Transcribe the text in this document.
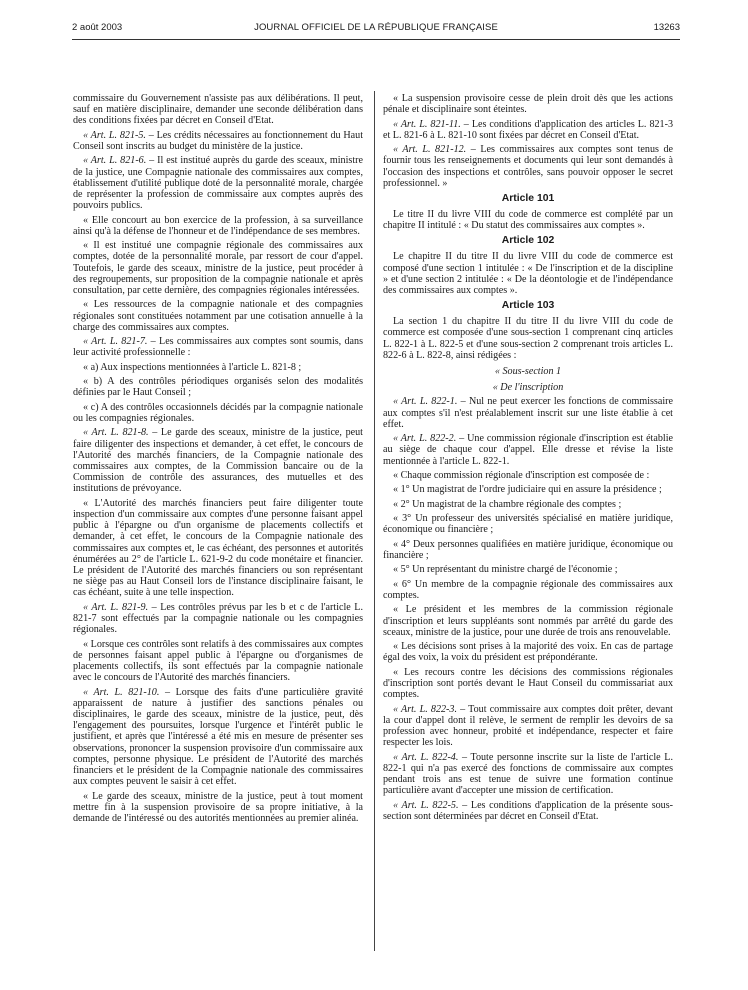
2 août 2003	JOURNAL OFFICIEL DE LA RÉPUBLIQUE FRANÇAISE	13263

commissaire du Gouvernement n'assiste pas aux délibérations. Il peut, sauf en matière disciplinaire, demander une seconde délibération dans des conditions fixées par décret en Conseil d'Etat.

« Art. L. 821-5. – Les crédits nécessaires au fonctionnement du Haut Conseil sont inscrits au budget du ministère de la justice.

« Art. L. 821-6. – Il est institué auprès du garde des sceaux, ministre de la justice, une Compagnie nationale des commissaires aux comptes, établissement d'utilité publique doté de la personnalité morale, chargée de représenter la profession de commissaire aux comptes auprès des pouvoirs publics.

« Elle concourt au bon exercice de la profession, à sa surveillance ainsi qu'à la défense de l'honneur et de l'indépendance de ses membres.

« Il est institué une compagnie régionale des commissaires aux comptes, dotée de la personnalité morale, par ressort de cour d'appel. Toutefois, le garde des sceaux, ministre de la justice, peut procéder à des regroupements, sur proposition de la compagnie nationale et après consultation, par cette dernière, des compagnies régionales intéressées.

« Les ressources de la compagnie nationale et des compagnies régionales sont constituées notamment par une cotisation annuelle à la charge des commissaires aux comptes.

« Art. L. 821-7. – Les commissaires aux comptes sont soumis, dans leur activité professionnelle :

« a) Aux inspections mentionnées à l'article L. 821-8 ;

« b) A des contrôles périodiques organisés selon des modalités définies par le Haut Conseil ;

« c) A des contrôles occasionnels décidés par la compagnie nationale ou les compagnies régionales.

« Art. L. 821-8. – Le garde des sceaux, ministre de la justice, peut faire diligenter des inspections et demander, à cet effet, le concours de l'Autorité des marchés financiers, de la Compagnie nationale des commissaires aux comptes, de la Commission bancaire ou de la Commission de contrôle des assurances, des mutuelles et des institutions de prévoyance.

« L'Autorité des marchés financiers peut faire diligenter toute inspection d'un commissaire aux comptes d'une personne faisant appel public à l'épargne ou d'un organisme de placements collectifs et demander, à cet effet, le concours de la Compagnie nationale des commissaires aux comptes et, le cas échéant, des personnes et autorités énumérées au 2° de l'article L. 621-9-2 du code monétaire et financier. Le président de l'Autorité des marchés financiers ou son représentant ne siège pas au Haut Conseil lors de l'instance disciplinaire faisant, le cas échéant, suite à une telle inspection.

« Art. L. 821-9. – Les contrôles prévus par les b et c de l'article L. 821-7 sont effectués par la compagnie nationale ou les compagnies régionales.

« Lorsque ces contrôles sont relatifs à des commissaires aux comptes de personnes faisant appel public à l'épargne ou d'organismes de placements collectifs, ils sont effectués par la compagnie nationale avec le concours de l'Autorité des marchés financiers.

« Art. L. 821-10. – Lorsque des faits d'une particulière gravité apparaissent de nature à justifier des sanctions pénales ou disciplinaires, le garde des sceaux, ministre de la justice, peut, dès l'engagement des poursuites, lorsque l'urgence et l'intérêt public le justifient, et après que l'intéressé a été mis en mesure de présenter ses observations, prononcer la suspension provisoire d'un commissaire aux comptes, personne physique. Le président de l'Autorité des marchés financiers et le président de la Compagnie nationale des commissaires aux comptes peuvent le saisir à cet effet.

« Le garde des sceaux, ministre de la justice, peut à tout moment mettre fin à la suspension provisoire de sa propre initiative, à la demande de l'intéressé ou des autorités mentionnées au premier alinéa.

« La suspension provisoire cesse de plein droit dès que les actions pénale et disciplinaire sont éteintes.

« Art. L. 821-11. – Les conditions d'application des articles L. 821-3 et L. 821-6 à L. 821-10 sont fixées par décret en Conseil d'Etat.

« Art. L. 821-12. – Les commissaires aux comptes sont tenus de fournir tous les renseignements et documents qui leur sont demandés à l'occasion des inspections et contrôles, sans pouvoir opposer le secret professionnel. »

Article 101

Le titre II du livre VIII du code de commerce est complété par un chapitre II intitulé : « Du statut des commissaires aux comptes ».

Article 102

Le chapitre II du titre II du livre VIII du code de commerce est composé d'une section 1 intitulée : « De l'inscription et de la discipline » et d'une section 2 intitulée : « De la déontologie et de l'indépendance des commissaires aux comptes ».

Article 103

La section 1 du chapitre II du titre II du livre VIII du code de commerce est composée d'une sous-section 1 comprenant cinq articles L. 822-1 à L. 822-5 et d'une sous-section 2 comprenant trois articles L. 822-6 à L. 822-8, ainsi rédigées :

« Sous-section 1

« De l'inscription

« Art. L. 822-1. – Nul ne peut exercer les fonctions de commissaire aux comptes s'il n'est préalablement inscrit sur une liste établie à cet effet.

« Art. L. 822-2. – Une commission régionale d'inscription est établie au siège de chaque cour d'appel. Elle dresse et révise la liste mentionnée à l'article L. 822-1.

« Chaque commission régionale d'inscription est composée de :

« 1° Un magistrat de l'ordre judiciaire qui en assure la présidence ;

« 2° Un magistrat de la chambre régionale des comptes ;

« 3° Un professeur des universités spécialisé en matière juridique, économique ou financière ;

« 4° Deux personnes qualifiées en matière juridique, économique ou financière ;

« 5° Un représentant du ministre chargé de l'économie ;

« 6° Un membre de la compagnie régionale des commissaires aux comptes.

« Le président et les membres de la commission régionale d'inscription et leurs suppléants sont nommés par arrêté du garde des sceaux, ministre de la justice, pour une durée de trois ans renouvelable.

« Les décisions sont prises à la majorité des voix. En cas de partage égal des voix, la voix du président est prépondérante.

« Les recours contre les décisions des commissions régionales d'inscription sont portés devant le Haut Conseil du commissariat aux comptes.

« Art. L. 822-3. – Tout commissaire aux comptes doit prêter, devant la cour d'appel dont il relève, le serment de remplir les devoirs de sa profession avec honneur, probité et indépendance, respecter et faire respecter les lois.

« Art. L. 822-4. – Toute personne inscrite sur la liste de l'article L. 822-1 qui n'a pas exercé des fonctions de commissaire aux comptes pendant trois ans est tenue de suivre une formation continue particulière avant d'accepter une mission de certification.

« Art. L. 822-5. – Les conditions d'application de la présente sous-section sont déterminées par décret en Conseil d'Etat.
